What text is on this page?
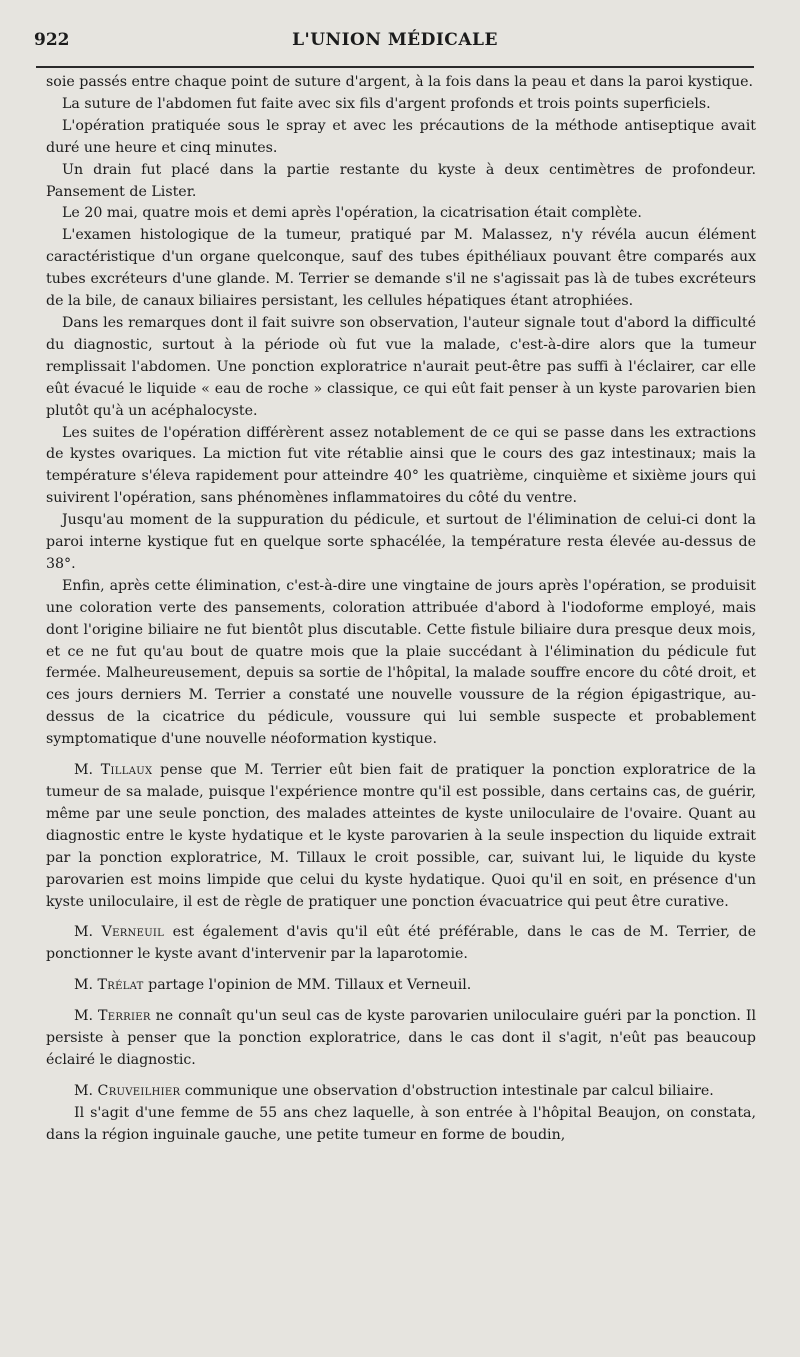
922	L'UNION MÉDICALE

soie passés entre chaque point de suture d'argent, à la fois dans la peau et dans la paroi kystique.

La suture de l'abdomen fut faite avec six fils d'argent profonds et trois points superficiels.

L'opération pratiquée sous le spray et avec les précautions de la méthode antiseptique avait duré une heure et cinq minutes.

Un drain fut placé dans la partie restante du kyste à deux centimètres de profondeur. Pansement de Lister.

Le 20 mai, quatre mois et demi après l'opération, la cicatrisation était complète.

L'examen histologique de la tumeur, pratiqué par M. Malassez, n'y révéla aucun élément caractéristique d'un organe quelconque, sauf des tubes épithéliaux pouvant être comparés aux tubes excréteurs d'une glande. M. Terrier se demande s'il ne s'agissait pas là de tubes excréteurs de la bile, de canaux biliaires persistant, les cellules hépatiques étant atrophiées.

Dans les remarques dont il fait suivre son observation, l'auteur signale tout d'abord la difficulté du diagnostic, surtout à la période où fut vue la malade, c'est-à-dire alors que la tumeur remplissait l'abdomen. Une ponction exploratrice n'aurait peut-être pas suffi à l'éclairer, car elle eût évacué le liquide « eau de roche » classique, ce qui eût fait penser à un kyste parovarien bien plutôt qu'à un acéphalocyste.

Les suites de l'opération différèrent assez notablement de ce qui se passe dans les extractions de kystes ovariques. La miction fut vite rétablie ainsi que le cours des gaz intestinaux; mais la température s'éleva rapidement pour atteindre 40° les quatrième, cinquième et sixième jours qui suivirent l'opération, sans phénomènes inflammatoires du côté du ventre.

Jusqu'au moment de la suppuration du pédicule, et surtout de l'élimination de celui-ci dont la paroi interne kystique fut en quelque sorte sphacélée, la température resta élevée au-dessus de 38°.

Enfin, après cette élimination, c'est-à-dire une vingtaine de jours après l'opération, se produisit une coloration verte des pansements, coloration attribuée d'abord à l'iodoforme employé, mais dont l'origine biliaire ne fut bientôt plus discutable. Cette fistule biliaire dura presque deux mois, et ce ne fut qu'au bout de quatre mois que la plaie succédant à l'élimination du pédicule fut fermée. Malheureusement, depuis sa sortie de l'hôpital, la malade souffre encore du côté droit, et ces jours derniers M. Terrier a constaté une nouvelle voussure de la région épigastrique, au-dessus de la cicatrice du pédicule, voussure qui lui semble suspecte et probablement symptomatique d'une nouvelle néoformation kystique.

M. Tillaux pense que M. Terrier eût bien fait de pratiquer la ponction exploratrice de la tumeur de sa malade, puisque l'expérience montre qu'il est possible, dans certains cas, de guérir, même par une seule ponction, des malades atteintes de kyste uniloculaire de l'ovaire. Quant au diagnostic entre le kyste hydatique et le kyste parovarien à la seule inspection du liquide extrait par la ponction exploratrice, M. Tillaux le croit possible, car, suivant lui, le liquide du kyste parovarien est moins limpide que celui du kyste hydatique. Quoi qu'il en soit, en présence d'un kyste uniloculaire, il est de règle de pratiquer une ponction évacuatrice qui peut être curative.

M. Verneuil est également d'avis qu'il eût été préférable, dans le cas de M. Terrier, de ponctionner le kyste avant d'intervenir par la laparotomie.

M. Trélat partage l'opinion de MM. Tillaux et Verneuil.

M. Terrier ne connaît qu'un seul cas de kyste parovarien uniloculaire guéri par la ponction. Il persiste à penser que la ponction exploratrice, dans le cas dont il s'agit, n'eût pas beaucoup éclairé le diagnostic.

M. Cruveilhier communique une observation d'obstruction intestinale par calcul biliaire.

Il s'agit d'une femme de 55 ans chez laquelle, à son entrée à l'hôpital Beaujon, on constata, dans la région inguinale gauche, une petite tumeur en forme de boudin,
